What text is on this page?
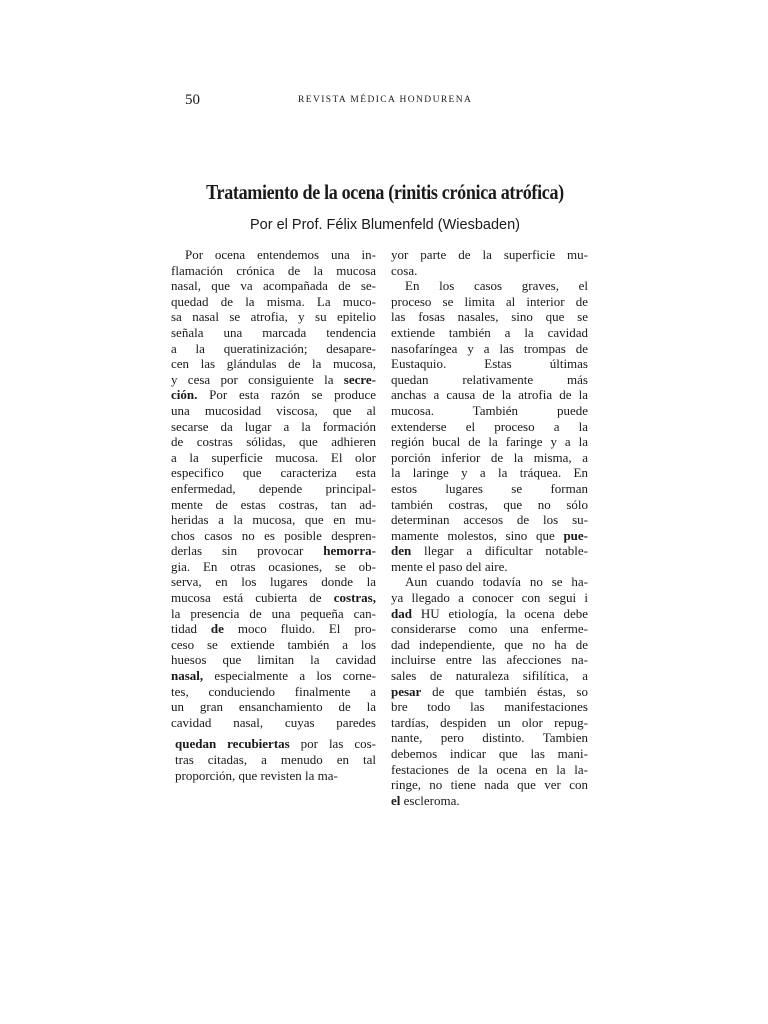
50	REVISTA MÉDICA HONDURENA
Tratamiento de la ocena (rinitis crónica atrófica)
Por el Prof. Félix Blumenfeld (Wiesbaden)
Por ocena entendemos una in-
flamación crónica de la mucosa
nasal, que va acompañada de se-
quedad de la misma. La muco-
sa nasal se atrofia, y su epitelio
señala una marcada tendencia
a la queratinización; desapare-
cen las glándulas de la mucosa,
y cesa por consiguiente la secre-
ción. Por esta razón se produce
una mucosidad viscosa, que al
secarse da lugar a la formación
de costras sólidas, que adhieren
a la superficie mucosa. El olor
especifico que caracteriza esta
enfermedad, depende principal-
mente de estas costras, tan ad-
heridas a la mucosa, que en mu-
chos casos no es posible despren-
derlas sin provocar hemorra-
gia. En otras ocasiones, se ob-
serva, en los lugares donde la
mucosa está cubierta de costras,
la presencia de una pequeña can-
tidad de moco fluido. El pro-
ceso se extiende también a los
huesos que limitan la cavidad
nasal, especialmente a los corne-
tes, conduciendo finalmente a
un gran ensanchamiento de la
cavidad nasal, cuyas paredes
quedan recubiertas por las cos-
tras citadas, a menudo en tal
proporción, que revisten la ma-
yor parte de la superficie mu-
cosa.
En los casos graves, el
proceso se limita al interior de
las fosas nasales, sino que se
extiende también a la cavidad
nasofaríngea y a las trompas de
Eustaquio. Estas últimas
quedan relativamente más
anchas a causa de la atrofia de la
mucosa. También puede
extenderse el proceso a la
región bucal de la faringe y a la
porción inferior de la misma, a
la laringe y a la tráquea. En
estos lugares se forman
también costras, que no sólo
determinan accesos de los su-
mamente molestos, sino que pue-
den llegar a dificultar notable-
mente el paso del aire.
Aun cuando todavía no se ha-
ya llegado a conocer con segui i
dad HU etiología, la ocena debe
considerarse como una enferme-
dad independiente, que no ha de
incluirse entre las afecciones na-
sales de naturaleza sifilítica, a
pesar de que también éstas, so
bre todo las manifestaciones
tardías, despiden un olor repug-
nante, pero distinto. Tambien
debemos indicar que las mani-
festaciones de la ocena en la la-
ringe, no tiene nada que ver con
el escleroma.
